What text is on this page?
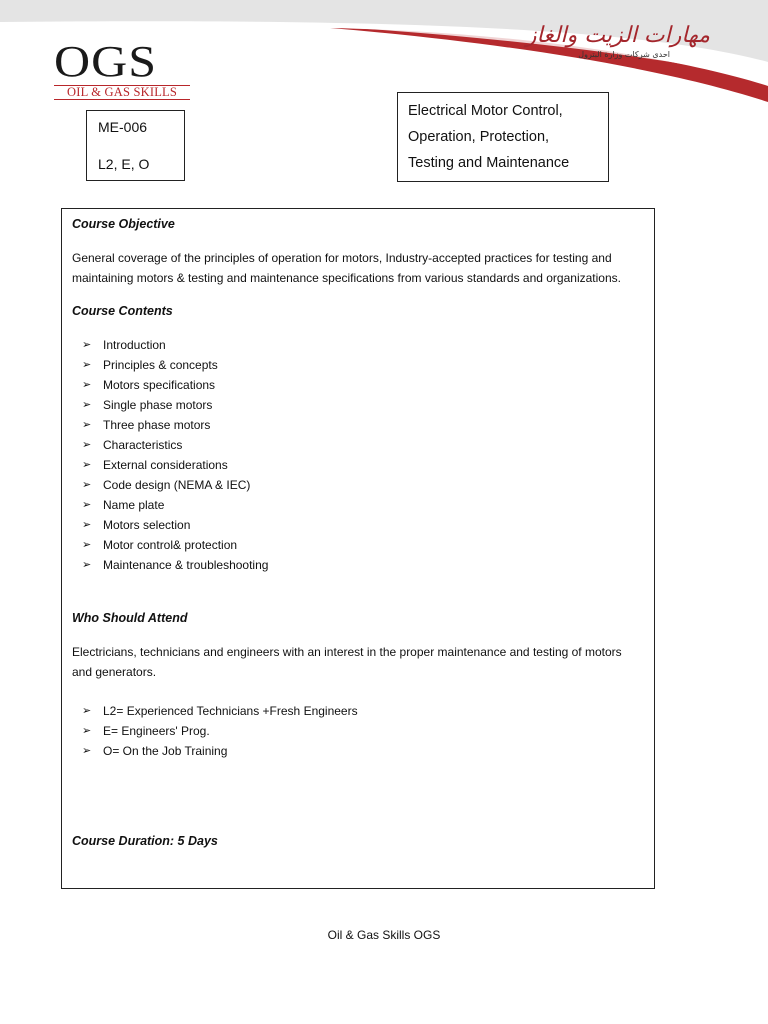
OGS
OIL & GAS SKILLS
مهارات الزيت والغاز
احدى شركات وزارة البترول
ME-006
L2, E, O
Electrical Motor Control,
Operation, Protection,
Testing and Maintenance
Course Objective
General coverage of the principles of operation for motors, Industry-accepted practices for testing and maintaining motors & testing and maintenance specifications from various standards and organizations.
Course Contents
➢ Introduction
➢ Principles & concepts
➢ Motors specifications
➢ Single phase motors
➢ Three phase motors
➢ Characteristics
➢ External considerations
➢ Code design (NEMA & IEC)
➢ Name plate
➢ Motors selection
➢ Motor control& protection
➢ Maintenance & troubleshooting
Who Should Attend
Electricians, technicians and engineers with an interest in the proper maintenance and testing of motors and generators.
➢ L2= Experienced Technicians +Fresh Engineers
➢ E= Engineers' Prog.
➢ O= On the Job Training
Course Duration: 5 Days
Oil & Gas Skills OGS
